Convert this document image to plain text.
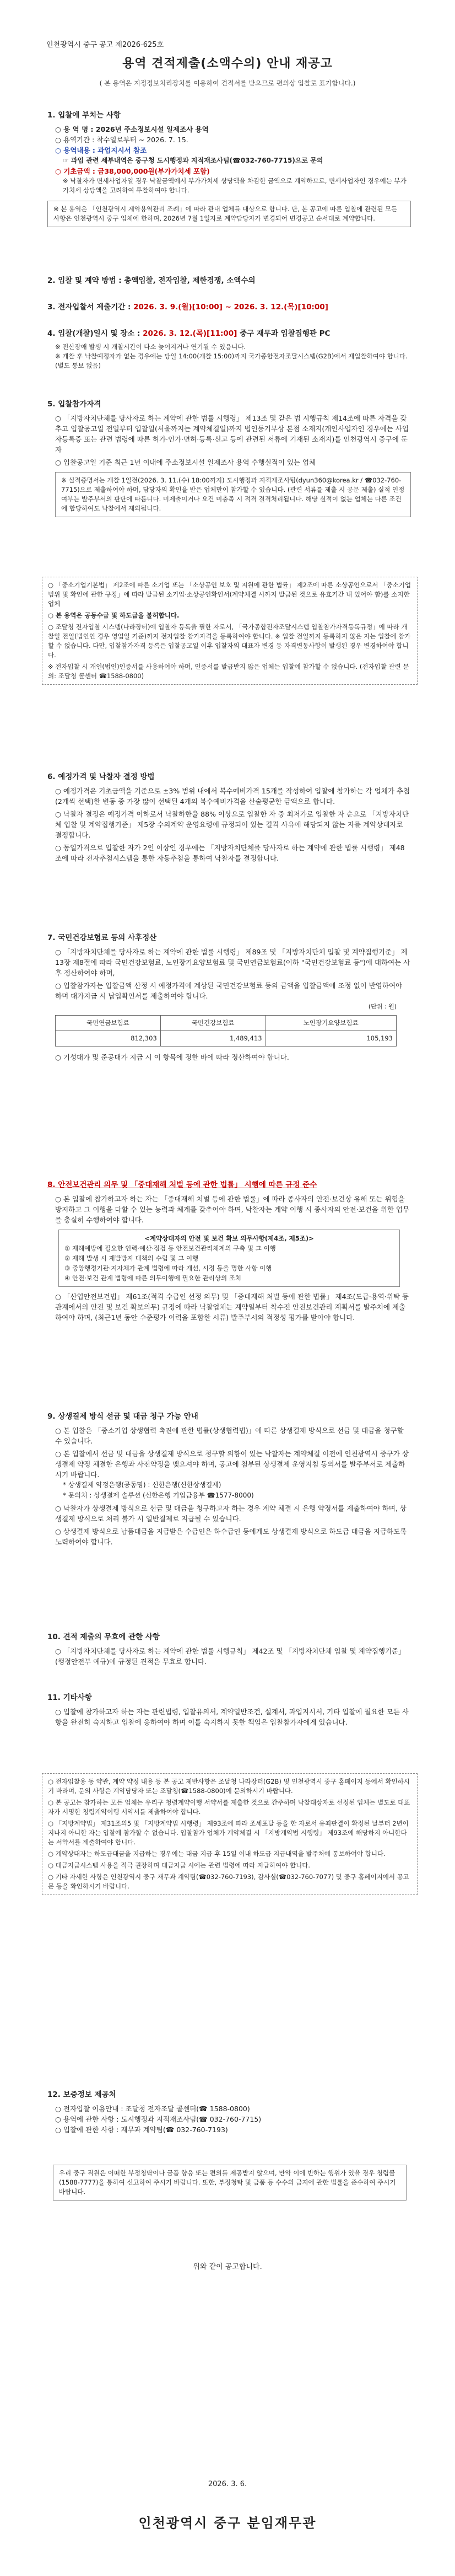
인천광역시 중구 공고 제2026-625호
용역 견적제출(소액수의) 안내 재공고
( 본 용역은 지정정보처리장치를 이용하여 견적서를 받으므로 편의상 입찰로 표기합니다.)
1. 입찰에 부치는 사항
○ 용 역 명 : 2026년 주소정보시설 일제조사 용역
○ 용역기간 : 착수일로부터 ∼ 2026. 7. 15.
○ 용역내용 : 과업지시서 참조
☞ 과업 관련 세부내역은 중구청 도시행정과 지적재조사팀(☎032-760-7715)으로 문의
○ 기초금액 : 금38,000,000원(부가가치세 포함)
※ 낙찰자가 면세사업자일 경우 낙찰금액에서 부가가치세 상당액을 차감한 금액으로 계약하므로, 면세사업자인 경우에는 부가가치세 상당액을 고려하여 투찰하여야 합니다.
※ 본 용역은 「인천광역시 계약용역관리 조례」에 따라 관내 업체를 대상으로 합니다. 단, 본 공고에 따른 입찰에 관련된 모든 사항은 인천광역시 중구 업체에 한하며, 2026년 7월 1일자로 계약담당자가 변경되어 변경공고 순서대로 계약합니다.
2. 입찰 및 계약 방법 : 총액입찰, 전자입찰, 제한경쟁, 소액수의
3. 전자입찰서 제출기간 : 2026. 3. 9.(월)[10:00] ∼ 2026. 3. 12.(목)[10:00]
4. 입찰(개찰)일시 및 장소 : 2026. 3. 12.(목)[11:00] 중구 재무과 입찰집행관 PC
※ 전산장애 발생 시 개찰시간이 다소 늦어지거나 연기될 수 있음니다.
※ 개찰 후 낙찰예정자가 없는 경우에는 당일 14:00(개찰 15:00)까지 국가종합전자조달시스템(G2B)에서 재입찰하여야 합니다. (별도 통보 없음)
5. 입찰참가자격
○ 「지방자치단체를 당사자로 하는 계약에 관한 법률 시행령」 제13조 및 같은 법 시행규칙 제14조에 따른 자격을 갖추고 입찰공고일 전일부터 입찰일(서울까지는 계약체결일)까지 법인등기부상 본점 소재지(개인사업자인 경우에는 사업자등록증 또는 관련 법령에 따른 허가·인가·면허·등록·신고 등에 관련된 서류에 기재된 소재지)를 인천광역시 중구에 둔 자
○ 입찰공고일 기준 최근 1년 이내에 주소정보시설 일제조사 용역 수행실적이 있는 업체
※ 실적증명서는 개찰 1일전(2026. 3. 11.(수) 18:00까지) 도시행정과 지적재조사팀(dyun360@korea.kr / ☎032-760-7715)으로 제출하여야 하며, 담당자의 확인을 받은 업체만이 참가할 수 있습니다. (관련 서류를 제출 시 공문 제출) 실적 인정 여부는 발주부서의 판단에 따릅니다. 미제출이거나 요건 미충족 시 적격 결격처리됩니다. 해당 실적이 없는 업체는 다른 조건에 합당하여도 낙찰에서 제외됩니다.
○ 「중소기업기본법」 제2조에 따른 소기업 또는 「소상공인 보호 및 지원에 관한 법률」 제2조에 따른 소상공인으로서 「중소기업 범위 및 확인에 관한 규정」에 따라 발급된 소기업·소상공인확인서(계약체결 시까지 발급된 것으로 유효기간 내 있어야 함)를 소지한 업체
○ 본 용역은 공동수급 및 하도급을 불허합니다.
○ 조달청 전자입찰 시스템(나라장터)에 입찰자 등록을 필한 자로서, 「국가종합전자조달시스템 입찰참가자격등록규정」에 따라 개찰일 전일(법인인 경우 영업일 기준)까지 전자입찰 참가자격을 등록하여야 합니다. ※ 입찰 전일까지 등록하지 않은 자는 입찰에 참가할 수 없습니다. 다만, 입찰참가자격 등록은 입찰공고일 이후 입찰자의 대표자 변경 등 자격변동사항이 발생된 경우 변경하여야 합니다.
※ 전자입찰 시 개인(법인)인증서를 사용하여야 하며, 인증서를 발급받지 않은 업체는 입찰에 참가할 수 없습니다. (전자입찰 관련 문의: 조달청 콜센터 ☎1588-0800)
6. 예정가격 및 낙찰자 결정 방법
○ 예정가격은 기초금액을 기준으로 ±3% 범위 내에서 복수예비가격 15개를 작성하여 입찰에 참가하는 각 업체가 추첨(2개씩 선택)한 변동 중 가장 많이 선택된 4개의 복수예비가격을 산술평균한 금액으로 합니다.
○ 낙찰자 결정은 예정가격 이하로서 낙찰하한율 88% 이상으로 입찰한 자 중 최저가로 입찰한 자 순으로 「지방자치단체 입찰 및 계약집행기준」 제5장 수의계약 운영요령에 규정되어 있는 결격 사유에 해당되지 않는 자를 계약상대자로 결정합니다.
○ 동일가격으로 입찰한 자가 2인 이상인 경우에는 「지방자치단체를 당사자로 하는 계약에 관한 법률 시행령」 제48조에 따라 전자추첨시스템을 통한 자동추첨을 통하여 낙찰자를 결정합니다.
7. 국민건강보험료 등의 사후정산
○ 「지방자치단체를 당사자로 하는 계약에 관한 법률 시행령」 제89조 및 「지방자치단체 입찰 및 계약집행기준」 제13장 제8절에 따라 국민건강보험료, 노인장기요양보험료 및 국민연금보험료(이하 "국민건강보험료 등")에 대하여는 사후 정산하여야 하며,
○ 입찰참가자는 입찰금액 산정 시 예정가격에 계상된 국민건강보험료 등의 금액을 입찰금액에 조정 없이 반영하여야 하며 대가지급 시 납입확인서를 제출하여야 합니다.
(단위 : 원)
국민연금보험료	국민건강보험료	노인장기요양보험료
812,303	1,489,413	105,193
○ 기성대가 및 준공대가 지급 시 이 항목에 정한 바에 따라 정산하여야 합니다.
8. 안전보건관리 의무 및 「중대재해 처벌 등에 관한 법률」 시행에 따른 규정 준수
○ 본 입찰에 참가하고자 하는 자는 「중대재해 처벌 등에 관한 법률」에 따라 종사자의 안전·보건상 유해 또는 위험을 방지하고 그 이행을 다할 수 있는 능력과 체계를 갖추어야 하며, 낙찰자는 계약 이행 시 종사자의 안전·보건을 위한 업무를 충실히 수행하여야 합니다.
<계약상대자의 안전 및 보건 확보 의무사항(제4조, 제5조)>
① 재해예방에 필요한 인력·예산·점검 등 안전보건관리체계의 구축 및 그 이행
② 재해 발생 시 재발방지 대책의 수립 및 그 이행
③ 중앙행정기관·지자체가 관계 법령에 따라 개선, 시정 등을 명한 사항 이행
④ 안전·보건 관계 법령에 따른 의무이행에 필요한 관리상의 조치
○ 「산업안전보건법」 제61조(적격 수급인 선정 의무) 및 「중대재해 처벌 등에 관한 법률」 제4조(도급·용역·위탁 등 관계에서의 안전 및 보건 확보의무) 규정에 따라 낙찰업체는 계약일부터 착수전 안전보건관리 계획서를 발주처에 제출하여야 하며, (최근1년 동안 수준평가 이력을 포함한 서류) 발주부서의 적정성 평가를 받아야 합니다.
9. 상생결제 방식 선금 및 대금 청구 가능 안내
○ 본 입찰은 「중소기업 상생협력 촉진에 관한 법률(상생협력법)」에 따른 상생결제 방식으로 선금 및 대금을 청구할 수 있습니다.
○ 본 입찰에서 선금 및 대금을 상생결제 방식으로 청구할 의향이 있는 낙찰자는 계약체결 이전에 인천광역시 중구가 상생결제 약정 체결한 은행과 사전약정을 맺으셔야 하며, 공고에 첨부된 상생결제 운영지침 동의서를 발주부서로 제출하시기 바랍니다.
* 상생결제 약정은행(공동명) : 신한은행(신한상생결제)
* 문의처 : 상생결제 솔루션 (신한은행 기업금융부 ☎1577-8000)
○ 낙찰자가 상생결제 방식으로 선금 및 대금을 청구하고자 하는 경우 계약 체결 시 은행 약정서를 제출하여야 하며, 상생결제 방식으로 처리 불가 시 일반결제로 지급될 수 있습니다.
○ 상생결제 방식으로 납품대금을 지급받은 수급인은 하수급인 등에게도 상생결제 방식으로 하도급 대금을 지급하도록 노력하여야 합니다.
10. 견적 제출의 무효에 관한 사항
○ 「지방자치단체를 당사자로 하는 계약에 관한 법률 시행규칙」 제42조 및 「지방자치단체 입찰 및 계약집행기준」(행정안전부 예규)에 규정된 견적은 무효로 합니다.
11. 기타사항
○ 입찰에 참가하고자 하는 자는 관련법령, 입찰유의서, 계약일반조건, 설계서, 과업지시서, 기타 입찰에 필요한 모든 사항을 완전히 숙지하고 입찰에 응하여야 하며 이를 숙지하지 못한 책임은 입찰참가자에게 있습니다.
○ 전자입찰용 동 약관, 계약 약정 내용 등 본 공고 제반사항은 조달청 나라장터(G2B) 및 인천광역시 중구 홈페이지 등에서 확인하시기 바라며, 문의 사항은 계약담당자 또는 조달청(☎1588-0800)에 문의하시기 바랍니다.
○ 본 공고는 참가하는 모든 업체는 우리구 청렴계약이행 서약서를 제출한 것으로 간주하며 낙찰대상자로 선정된 업체는 별도로 대표자가 서명한 청렴계약이행 서약서를 제출하여야 합니다.
○ 「지방계약법」 제31조의5 및 「지방계약법 시행령」 제93조에 따라 조세포탈 등을 한 자로서 유죄판결이 확정된 날부터 2년이 지나지 아니한 자는 입찰에 참가할 수 없습니다. 입찰참가 업체가 계약체결 시 「지방계약법 시행령」 제93조에 해당하지 아니한다는 서약서를 제출하여야 합니다.
○ 계약상대자는 하도급대금을 지급하는 경우에는 대금 지급 후 15일 이내 하도급 지급내역을 발주처에 통보하여야 합니다.
○ 대금지급시스템 사용을 적극 권장하며 대금지급 시에는 관련 법령에 따라 지급하여야 합니다.
○ 기타 자세한 사항은 인천광역시 중구 재무과 계약팀(☎032-760-7193), 감사실(☎032-760-7077) 및 중구 홈페이지에서 공고문 등을 확인하시기 바랍니다.
12. 보증정보 제공처
○ 전자입찰 이용안내 : 조달청 전자조달 콜센터(☎ 1588-0800)
○ 용역에 관한 사항 : 도시행정과 지적재조사팀(☎ 032-760-7715)
○ 입찰에 관한 사항 : 재무과 계약팀(☎ 032-760-7193)
우리 중구 직원은 어떠한 부정청탁이나 금품 향응 또는 편의를 제공받지 않으며, 만약 이에 반하는 행위가 있을 경우 청렴콜(1588-7777)을 통하여 신고하여 주시기 바랍니다. 또한, 부정청탁 및 금품 등 수수의 금지에 관한 법률을 준수하여 주시기 바랍니다.
위와 같이 공고합니다.
2026. 3. 6.
인천광역시 중구 분임재무관
